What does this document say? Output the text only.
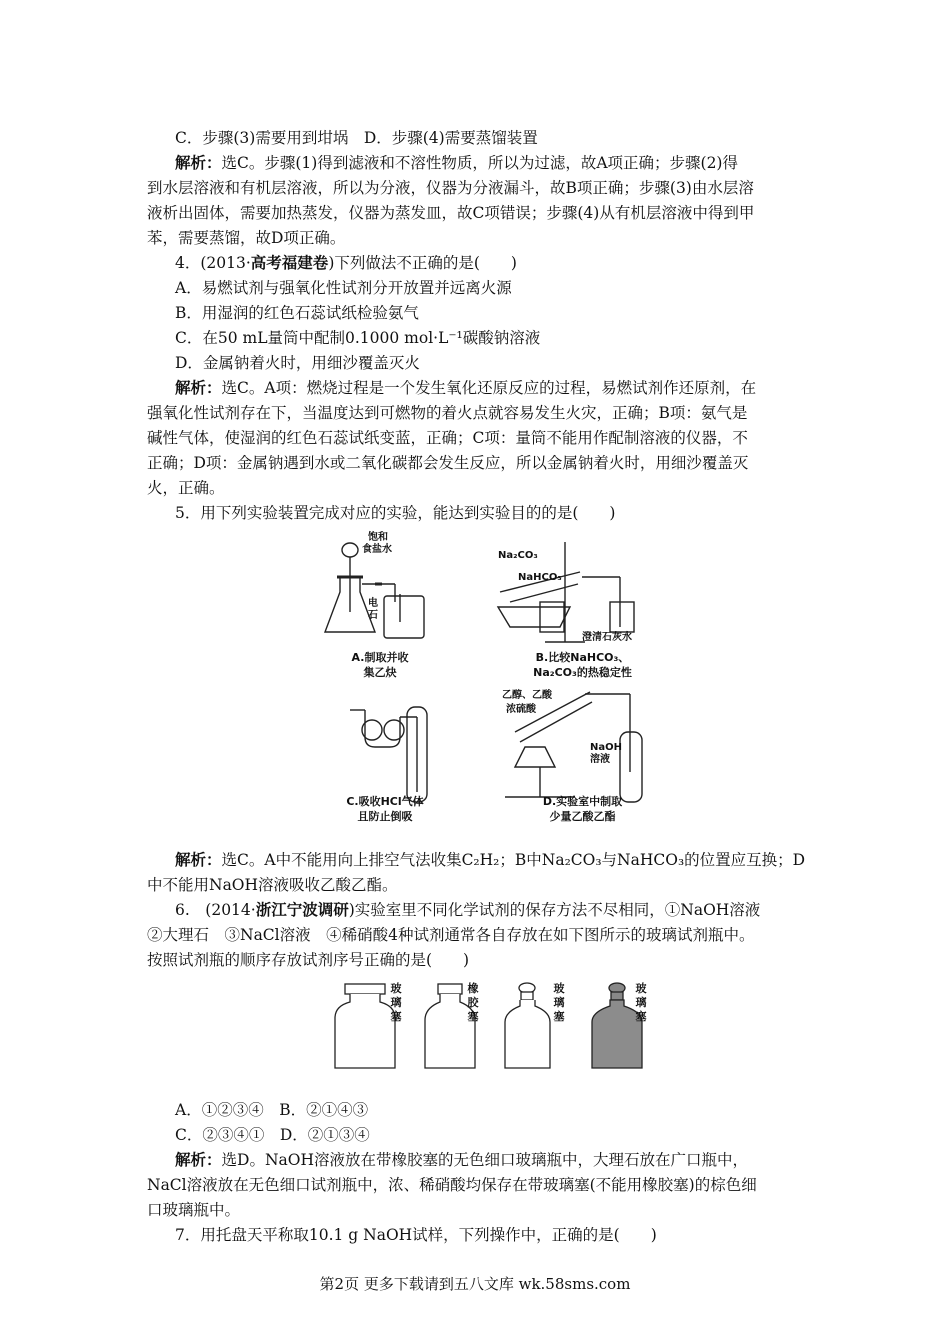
C．步骤(3)需要用到坩埚　D．步骤(4)需要蒸馏装置
解析：选C。步骤(1)得到滤液和不溶性物质，所以为过滤，故A项正确；步骤(2)得
到水层溶液和有机层溶液，所以为分液，仪器为分液漏斗，故B项正确；步骤(3)由水层溶
液析出固体，需要加热蒸发，仪器为蒸发皿，故C项错误；步骤(4)从有机层溶液中得到甲
苯，需要蒸馏，故D项正确。
4．(2013·高考福建卷)下列做法不正确的是(　　)
A．易燃试剂与强氧化性试剂分开放置并远离火源
B．用湿润的红色石蕊试纸检验氨气
C．在50 mL量筒中配制0.1000 mol·L⁻¹碳酸钠溶液
D．金属钠着火时，用细沙覆盖灭火
解析：选C。A项：燃烧过程是一个发生氧化还原反应的过程，易燃试剂作还原剂，在
强氧化性试剂存在下，当温度达到可燃物的着火点就容易发生火灾，正确；B项：氨气是
碱性气体，使湿润的红色石蕊试纸变蓝，正确；C项：量筒不能用作配制溶液的仪器，不
正确；D项：金属钠遇到水或二氧化碳都会发生反应，所以金属钠着火时，用细沙覆盖灭
火，正确。
5．用下列实验装置完成对应的实验，能达到实验目的的是(　　)
饱和
食盐水
电
石
A.制取并收
集乙炔
Na₂CO₃
NaHCO₃
澄清石灰水
B.比较NaHCO₃、
Na₂CO₃的热稳定性
C.吸收HCl气体
且防止倒吸
乙醇、乙酸
浓硫酸
NaOH
溶液
D.实验室中制取
少量乙酸乙酯
解析：选C。A中不能用向上排空气法收集C₂H₂；B中Na₂CO₃与NaHCO₃的位置应互换；D
中不能用NaOH溶液吸收乙酸乙酯。
6.　(2014·浙江宁波调研)实验室里不同化学试剂的保存方法不尽相同，①NaOH溶液
②大理石　③NaCl溶液　④稀硝酸4种试剂通常各自存放在如下图所示的玻璃试剂瓶中。
按照试剂瓶的顺序存放试剂序号正确的是(　　)
玻
璃
塞
橡
胶
塞
玻
璃
塞
玻
璃
塞
A．①②③④　B．②①④③
C．②③④①　D．②①③④
解析：选D。NaOH溶液放在带橡胶塞的无色细口玻璃瓶中，大理石放在广口瓶中，
NaCl溶液放在无色细口试剂瓶中，浓、稀硝酸均保存在带玻璃塞(不能用橡胶塞)的棕色细
口玻璃瓶中。
7．用托盘天平称取10.1 g NaOH试样，下列操作中，正确的是(　　)
第2页 更多下载请到五八文库 wk.58sms.com
